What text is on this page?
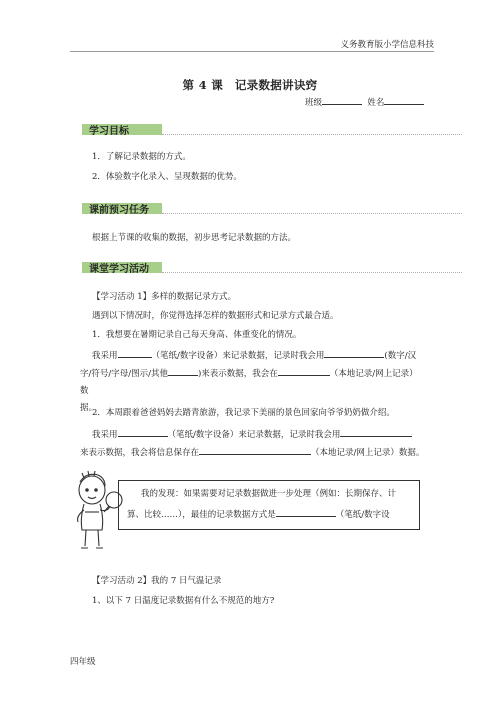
义务教育版小学信息科技
第 4 课　记录数据讲诀窍
班级	姓名
学习目标
1．了解记录数据的方式。
2．体验数字化录入、呈现数据的优势。
课前预习任务
根据上节课的收集的数据，初步思考记录数据的方法。
课堂学习活动
【学习活动 1】多样的数据记录方式。
遇到以下情况时，你觉得选择怎样的数据形式和记录方式最合适。
1．我想要在暑期记录自己每天身高、体重变化的情况。
我采用	（笔纸/数字设备）来记录数据，记录时我会用	(数字/汉
字/符号/字母/图示/其他	)来表示数据，我会在	（本地记录/网上记录）数
据。
2．本周跟着爸爸妈妈去踏青旅游，我记录下美丽的景色回家向爷爷奶奶做介绍。
我采用	（笔纸/数字设备）来记录数据，记录时我会用
来表示数据，我会将信息保存在	（本地记录/网上记录）数据。
我的发现：如果需要对记录数据做进一步处理（例如：长期保存、计
算、比较……），最佳的记录数据方式是	（笔纸/数字设
【学习活动 2】我的 7 日气温记录
1、以下 7 日温度记录数据有什么不规范的地方?
四年级
